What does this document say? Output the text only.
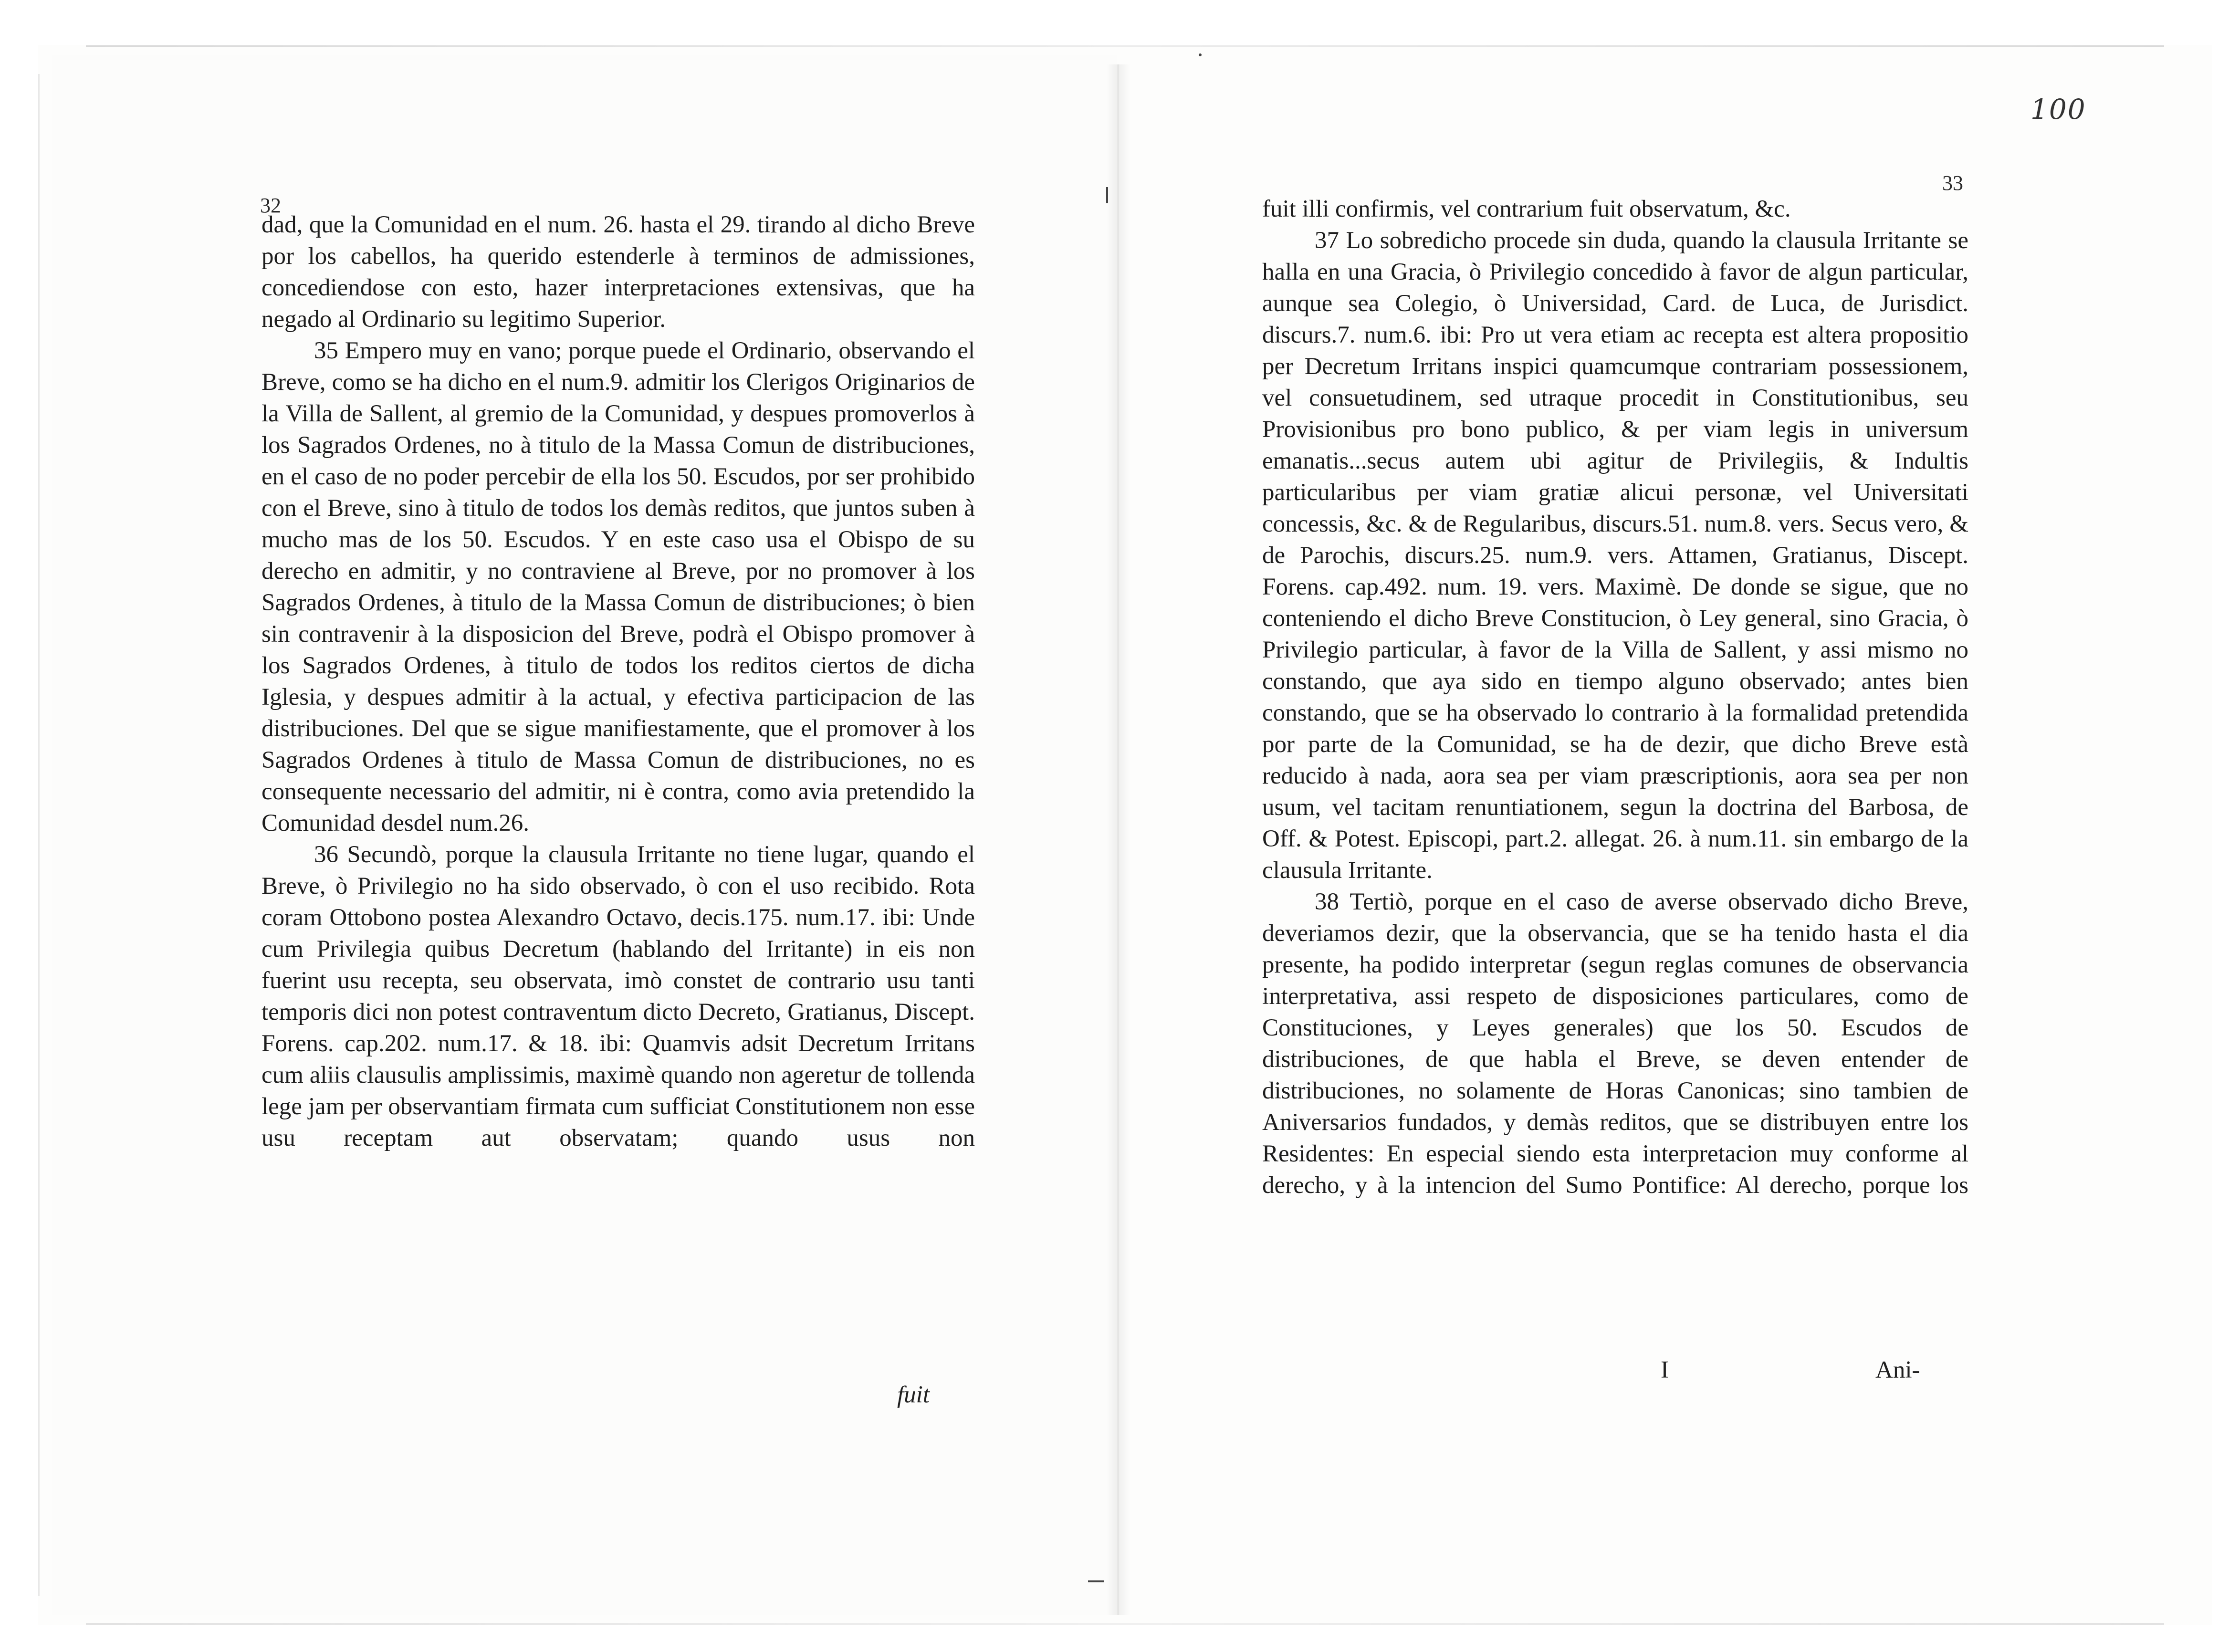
100
32
33

dad, que la Comunidad en el num. 26. hasta el 29. tirando al dicho Breve por los cabellos, ha querido estenderle à terminos de admissiones, concediendose con esto, hazer interpretaciones extensivas, que ha negado al Ordinario su legitimo Superior.

35 Empero muy en vano; porque puede el Ordinario, observando el Breve, como se ha dicho en el num.9. admitir los Clerigos Originarios de la Villa de Sallent, al gremio de la Comunidad, y despues promoverlos à los Sagrados Ordenes, no à titulo de la Massa Comun de distribuciones, en el caso de no poder percebir de ella los 50. Escudos, por ser prohibido con el Breve, sino à titulo de todos los demàs reditos, que juntos suben à mucho mas de los 50. Escudos. Y en este caso usa el Obispo de su derecho en admitir, y no contraviene al Breve, por no promover à los Sagrados Ordenes, à titulo de la Massa Comun de distribuciones; ò bien sin contravenir à la disposicion del Breve, podrà el Obispo promover à los Sagrados Ordenes, à titulo de todos los reditos ciertos de dicha Iglesia, y despues admitir à la actual, y efectiva participacion de las distribuciones. Del que se sigue manifiestamente, que el promover à los Sagrados Ordenes à titulo de Massa Comun de distribuciones, no es consequente necessario del admitir, ni è contra, como avia pretendido la Comunidad desdel num.26.

36 Secundò, porque la clausula Irritante no tiene lugar, quando el Breve, ò Privilegio no ha sido observado, ò con el uso recibido. Rota coram Ottobono postea Alexandro Octavo, decis.175. num.17. ibi: Unde cum Privilegia quibus Decretum (hablando del Irritante) in eis non fuerint usu recepta, seu observata, imò constet de contrario usu tanti temporis dici non potest contraventum dicto Decreto, Gratianus, Discept. Forens. cap.202. num.17. & 18. ibi: Quamvis adsit Decretum Irritans cum aliis clausulis amplissimis, maximè quando non ageretur de tollenda lege jam per observantiam firmata cum sufficiat Constitutionem non esse usu receptam aut observatam; quando usus non

fuit

fuit illi confirmis, vel contrarium fuit observatum, &c.

37 Lo sobredicho procede sin duda, quando la clausula Irritante se halla en una Gracia, ò Privilegio concedido à favor de algun particular, aunque sea Colegio, ò Universidad, Card. de Luca, de Jurisdict. discurs.7. num.6. ibi: Pro ut vera etiam ac recepta est altera propositio per Decretum Irritans inspici quamcumque contrariam possessionem, vel consuetudinem, sed utraque procedit in Constitutionibus, seu Provisionibus pro bono publico, & per viam legis in universum emanatis...secus autem ubi agitur de Privilegiis, & Indultis particularibus per viam gratiæ alicui personæ, vel Universitati concessis, &c. & de Regularibus, discurs.51. num.8. vers. Secus vero, & de Parochis, discurs.25. num.9. vers. Attamen, Gratianus, Discept. Forens. cap.492. num. 19. vers. Maximè. De donde se sigue, que no conteniendo el dicho Breve Constitucion, ò Ley general, sino Gracia, ò Privilegio particular, à favor de la Villa de Sallent, y assi mismo no constando, que aya sido en tiempo alguno observado; antes bien constando, que se ha observado lo contrario à la formalidad pretendida por parte de la Comunidad, se ha de dezir, que dicho Breve està reducido à nada, aora sea per viam præscriptionis, aora sea per non usum, vel tacitam renuntiationem, segun la doctrina del Barbosa, de Off. & Potest. Episcopi, part.2. allegat. 26. à num.11. sin embargo de la clausula Irritante.

38 Tertiò, porque en el caso de averse observado dicho Breve, deveriamos dezir, que la observancia, que se ha tenido hasta el dia presente, ha podido interpretar (segun reglas comunes de observancia interpretativa, assi respeto de disposiciones particulares, como de Constituciones, y Leyes generales) que los 50. Escudos de distribuciones, de que habla el Breve, se deven entender de distribuciones, no solamente de Horas Canonicas; sino tambien de Aniversarios fundados, y demàs reditos, que se distribuyen entre los Residentes: En especial siendo esta interpretacion muy conforme al derecho, y à la intencion del Sumo Pontifice: Al derecho, porque los

I	Ani-
